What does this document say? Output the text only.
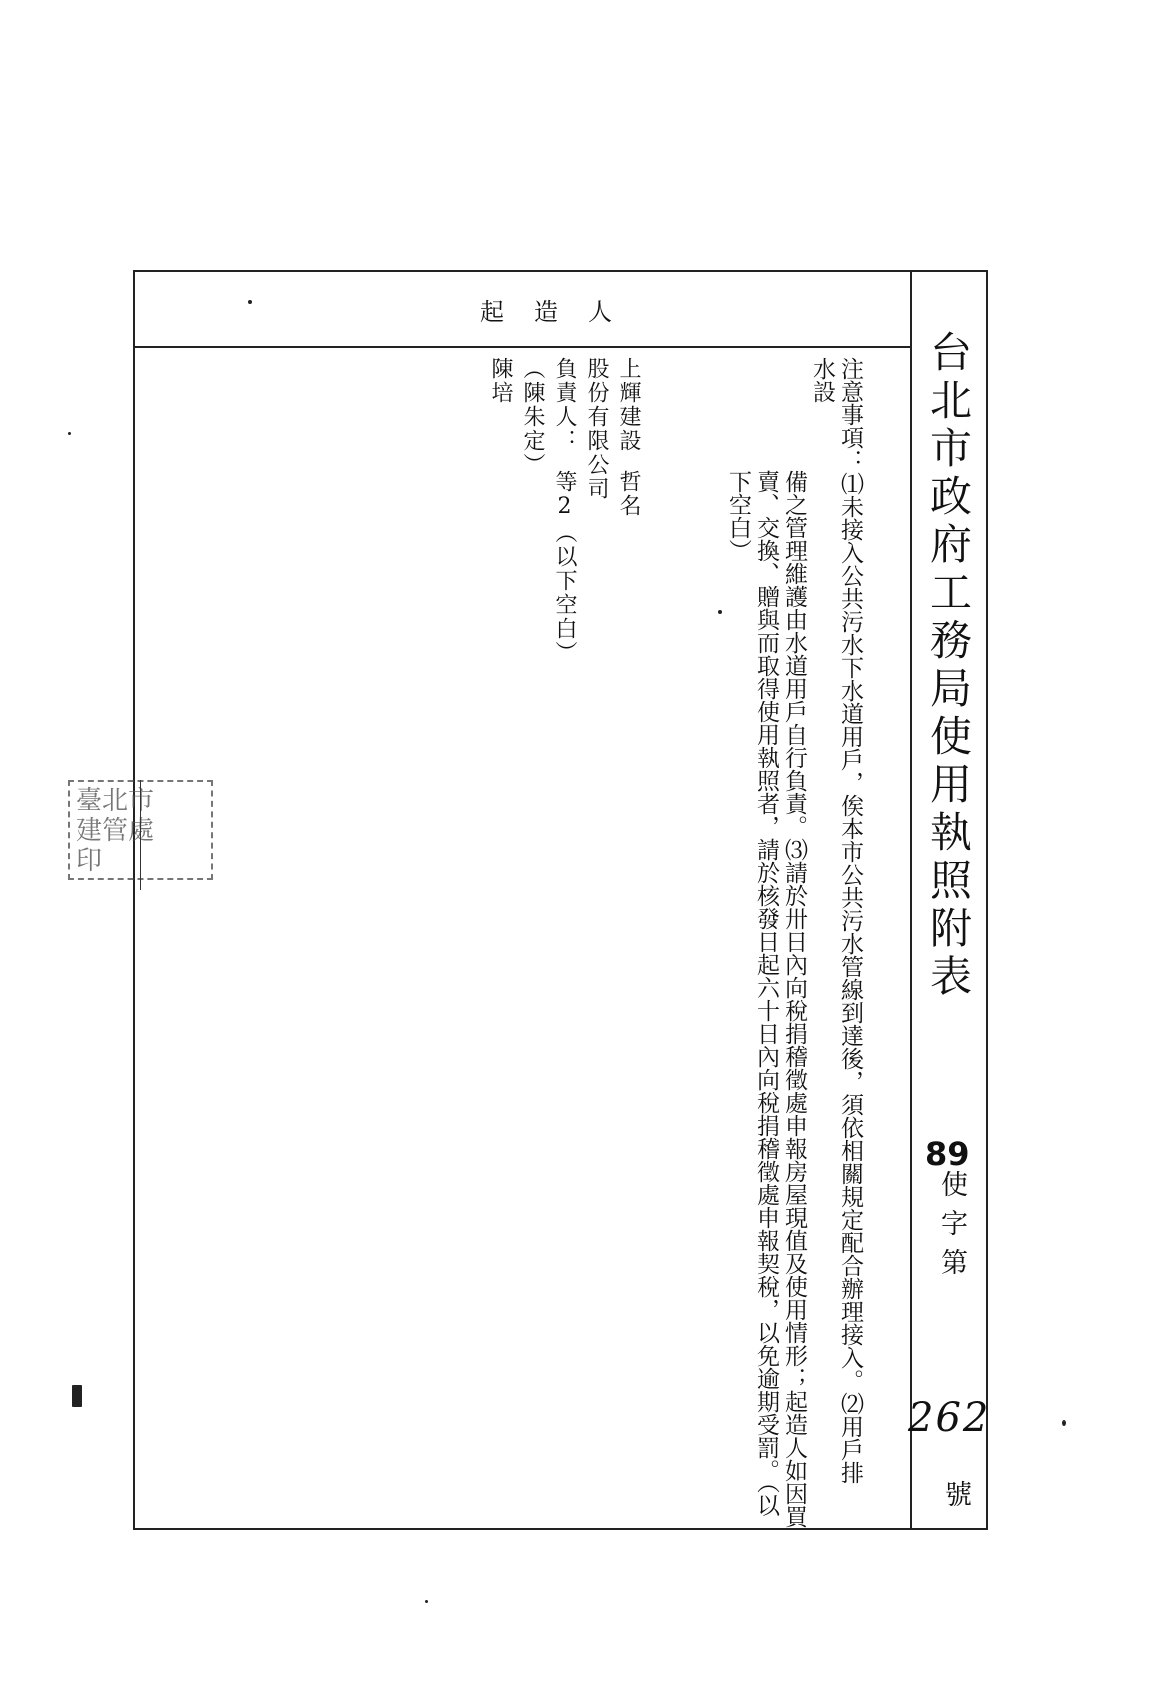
起造人
台北市政府工務局使用執照附表
89
使字第
262
號
注意事項：⑴未接入公共污水下水道用戶，俟本市公共污水管線到達後，須依相關規定配合辦理接入。⑵用戶排水設
備之管理維護由水道用戶自行負責。⑶請於卅日內向稅捐稽徵處申報房屋現值及使用情形；起造人如因買
賣、交換、贈與而取得使用執照者，請於核發日起六十日內向稅捐稽徵處申報契稅，以免逾期受罰。（以
下空白）
上輝建設
股份有限公司
負責人：
（陳朱定）
陳培
等2（以下空白） 哲名
臺北市
建管處
印
